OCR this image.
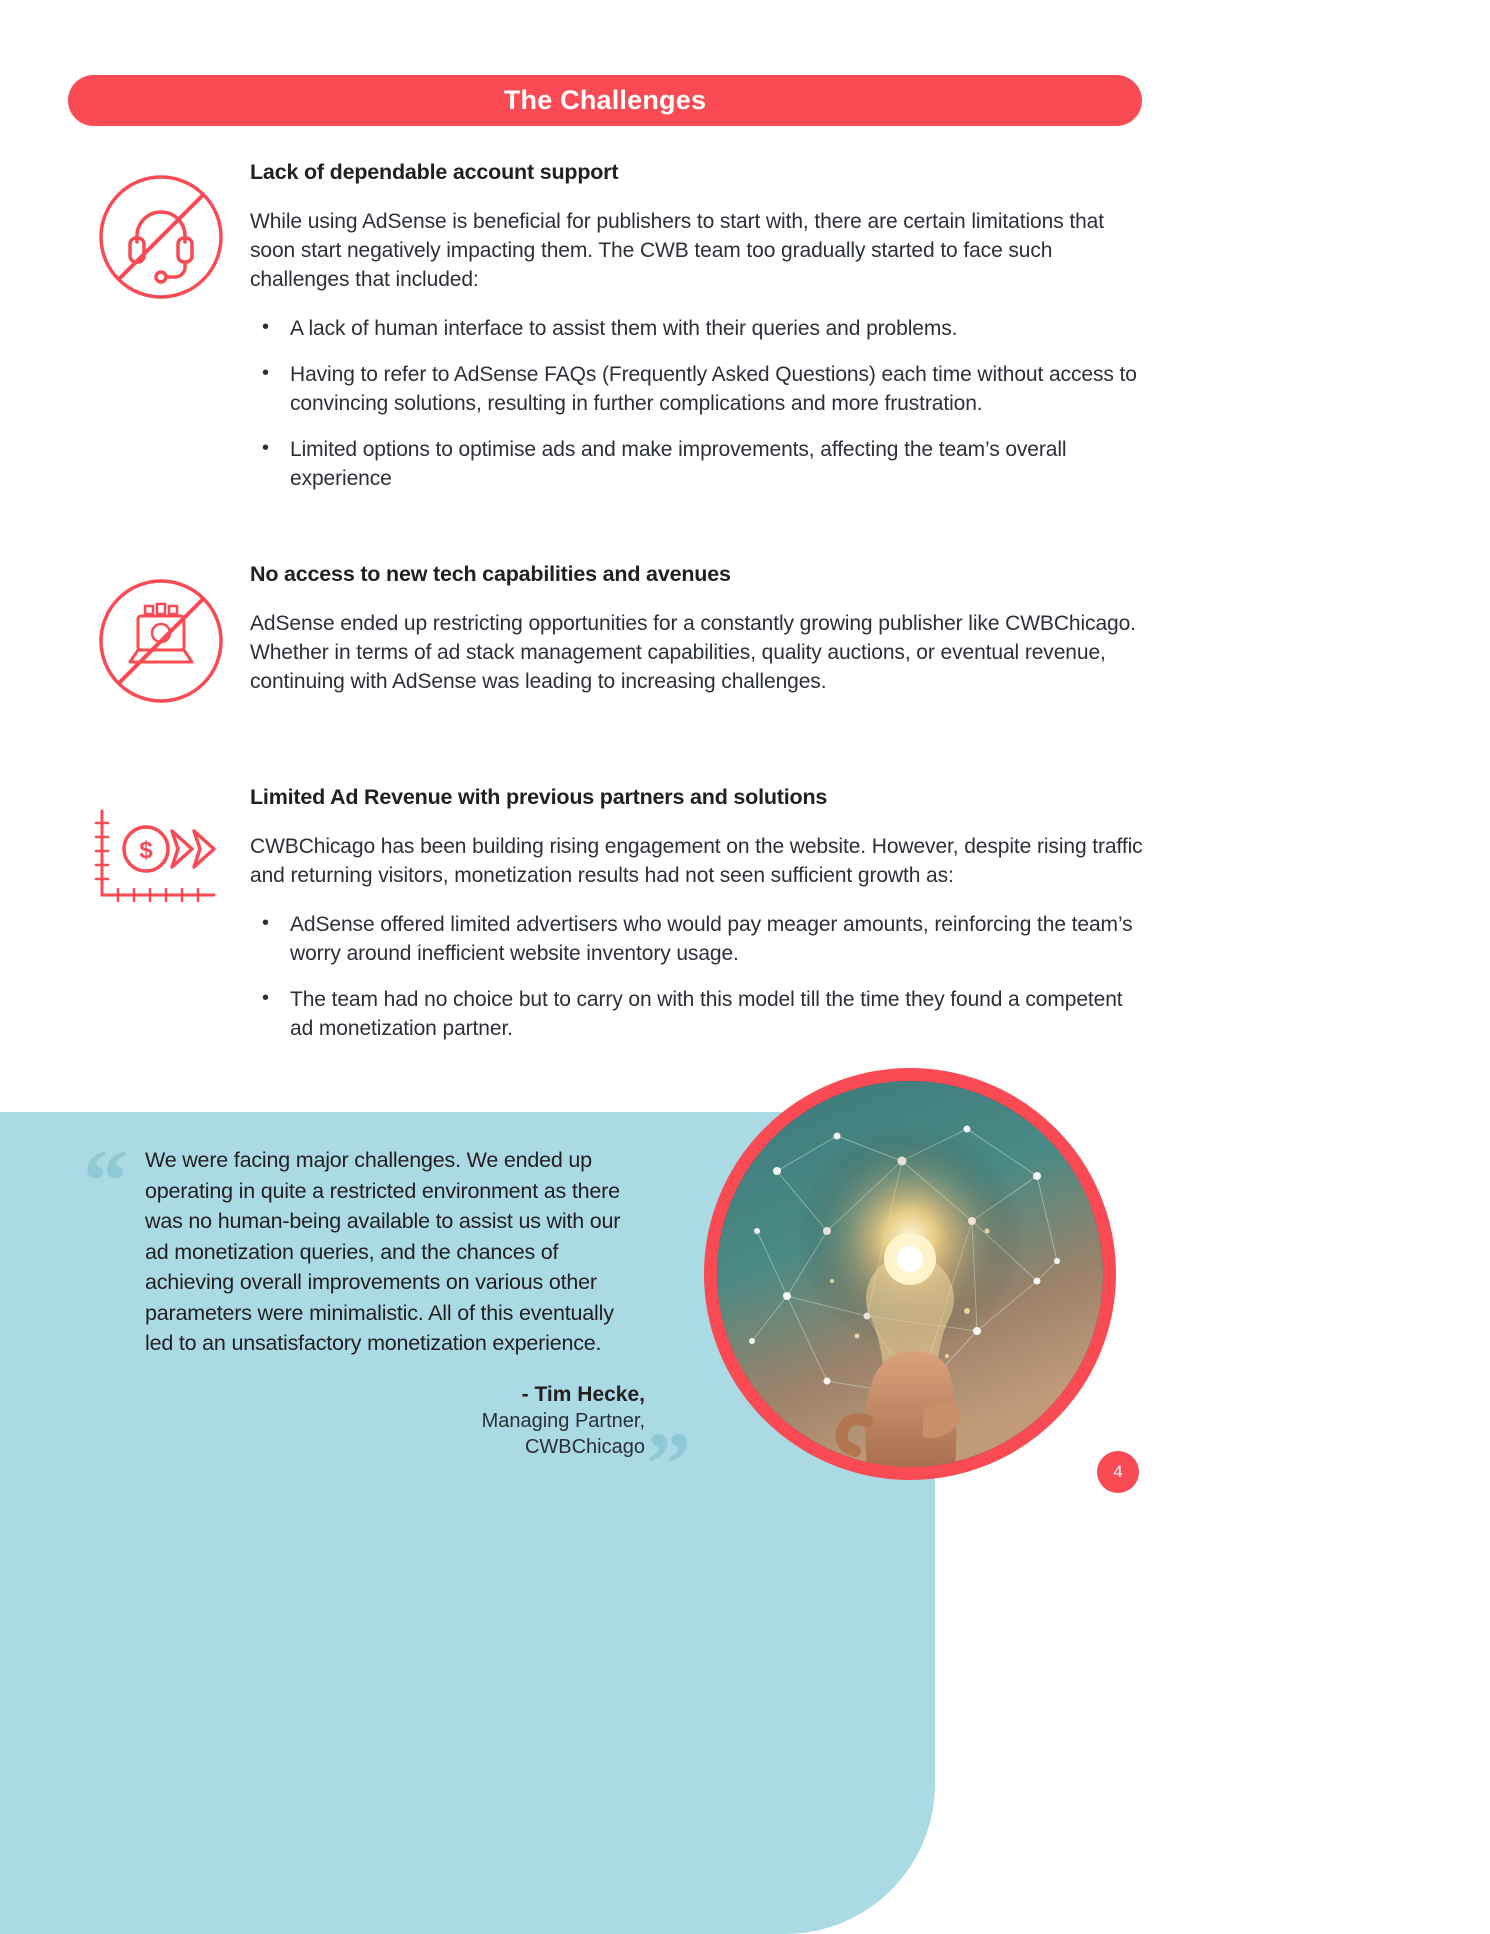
The Challenges
Lack of dependable account support
While using AdSense is beneficial for publishers to start with, there are certain limitations that soon start negatively impacting them. The CWB team too gradually started to face such challenges that included:
• A lack of human interface to assist them with their queries and problems.
• Having to refer to AdSense FAQs (Frequently Asked Questions) each time without access to convincing solutions, resulting in further complications and more frustration.
• Limited options to optimise ads and make improvements, affecting the team’s overall experience
No access to new tech capabilities and avenues
AdSense ended up restricting opportunities for a constantly growing publisher like CWBChicago. Whether in terms of ad stack management capabilities, quality auctions, or eventual revenue, continuing with AdSense was leading to increasing challenges.
$
Limited Ad Revenue with previous partners and solutions
CWBChicago has been building rising engagement on the website. However, despite rising traffic and returning visitors, monetization results had not seen sufficient growth as:
• AdSense offered limited advertisers who would pay meager amounts, reinforcing the team’s worry around inefficient website inventory usage.
• The team had no choice but to carry on with this model till the time they found a competent ad monetization partner.
“ We were facing major challenges. We ended up operating in quite a restricted environment as there was no human-being available to assist us with our ad monetization queries, and the chances of achieving overall improvements on various other parameters were minimalistic. All of this eventually led to an unsatisfactory monetization experience.
”
- Tim Hecke,
Managing Partner,
CWBChicago
4
